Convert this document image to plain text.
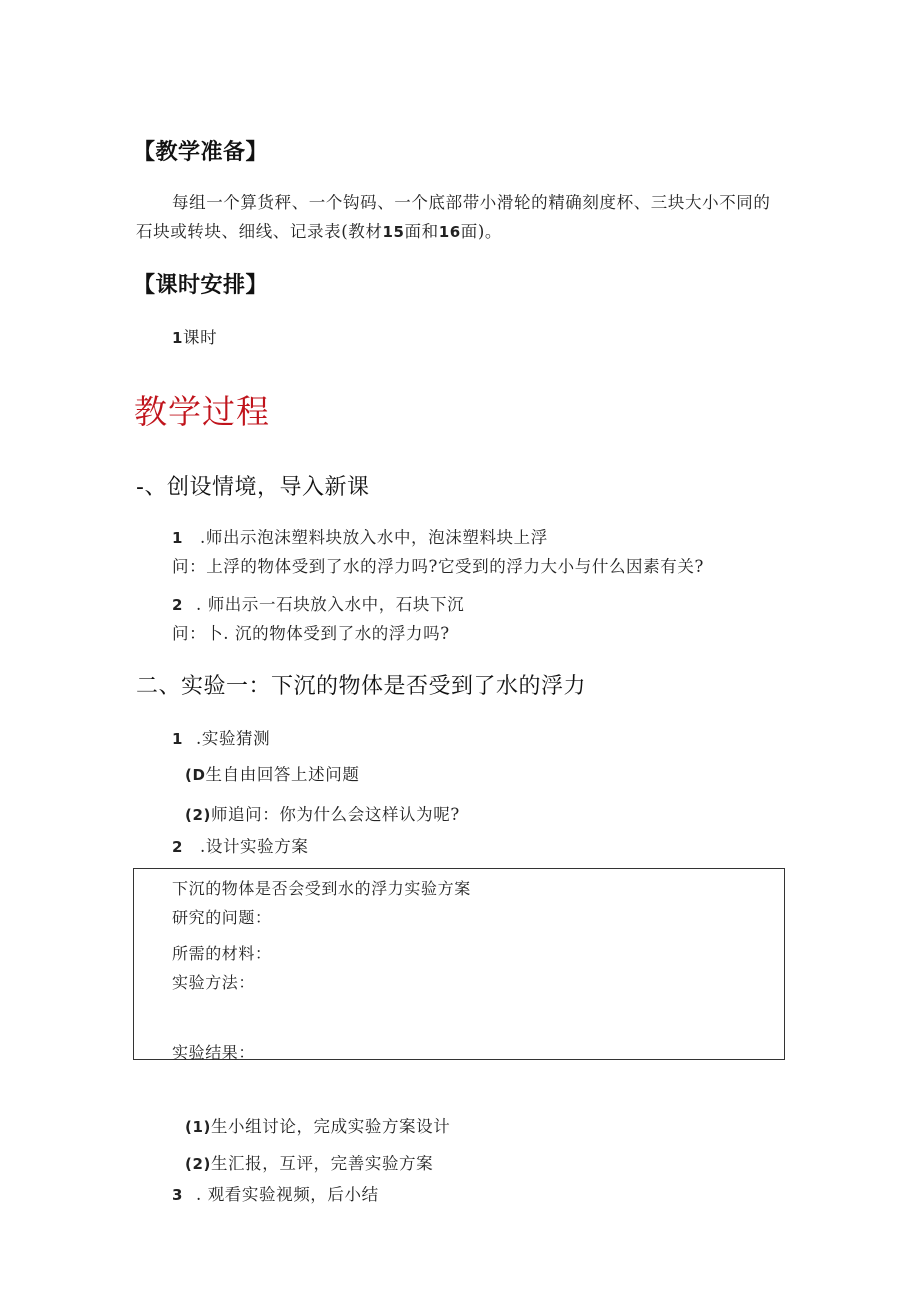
【教学准备】
每组一个算货秤、一个钩码、一个底部带小滑轮的精确刻度杯、三块大小不同的
石块或转块、细线、记录表(教材15面和16面)。
【课时安排】
1课时
教学过程
-、创设情境，导入新课
1 .师出示泡沫塑料块放入水中，泡沫塑料块上浮
问：上浮的物体受到了水的浮力吗?它受到的浮力大小与什么因素有关?
2 . 师出示一石块放入水中，石块下沉
问：卜. 沉的物体受到了水的浮力吗?
二、实验一：下沉的物体是否受到了水的浮力
1 .实验猜测
(D生自由回答上述问题
(2)师追问：你为什么会这样认为呢?
2 .设计实验方案
下沉的物体是否会受到水的浮力实验方案
研究的问题：
所需的材料：
实验方法：
实验结果：
(1)生小组讨论，完成实验方案设计
(2)生汇报，互评，完善实验方案
3 . 观看实验视频，后小结
